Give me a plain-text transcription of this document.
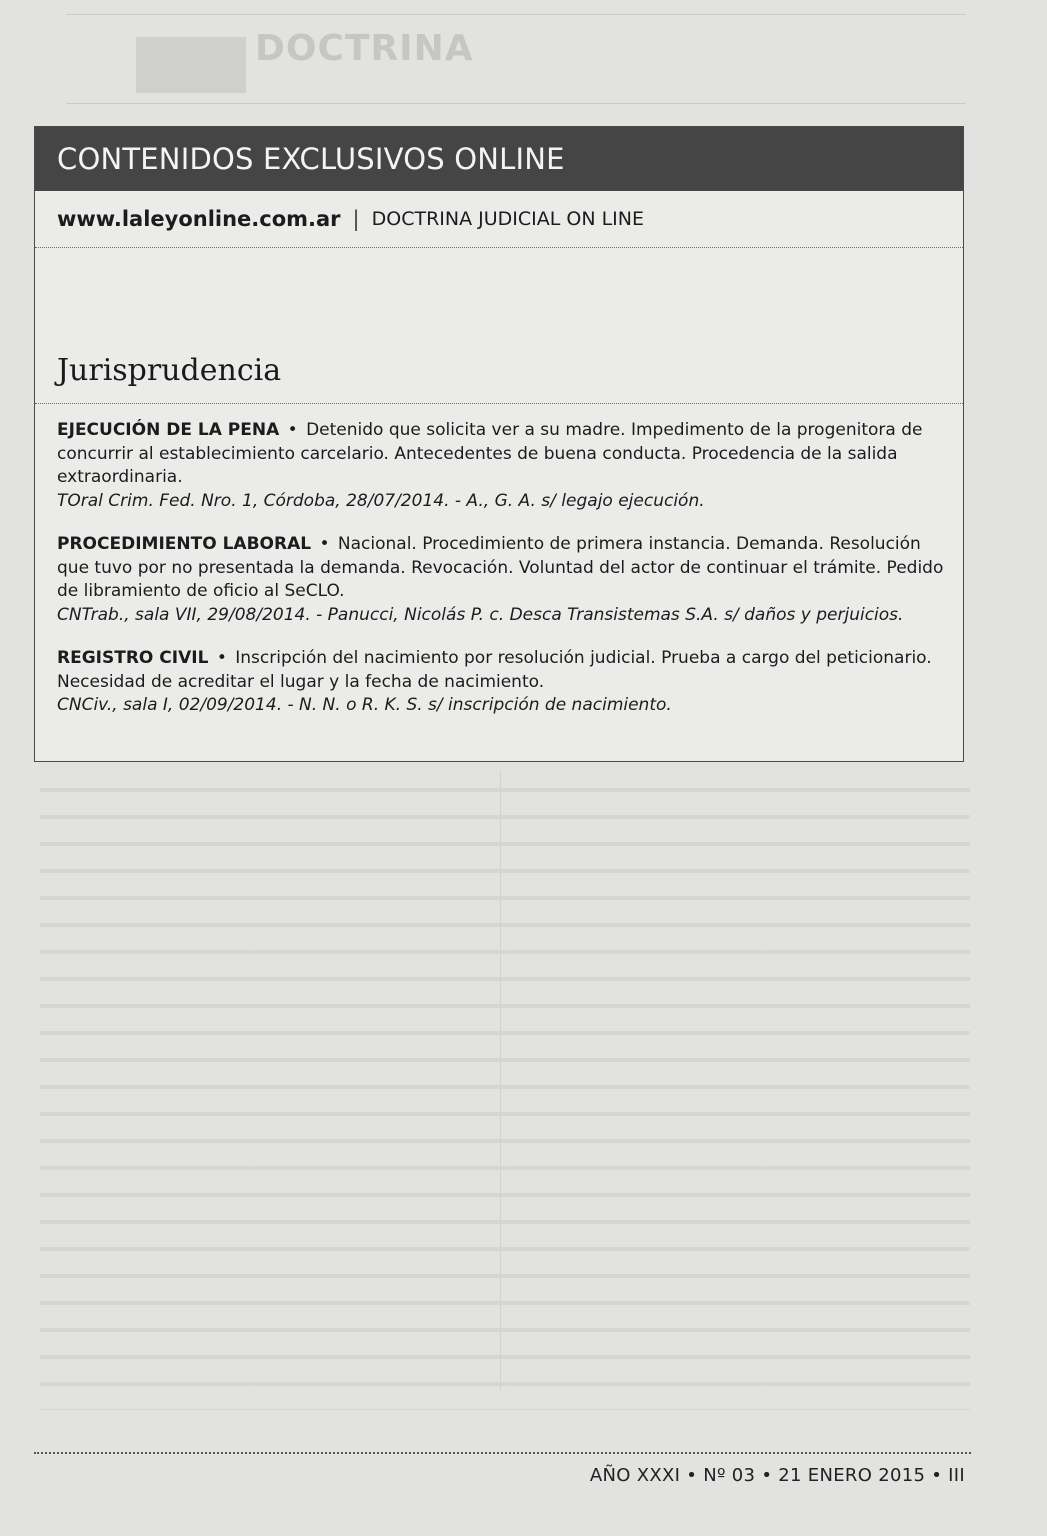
DOCTRINA
CONTENIDOS EXCLUSIVOS ONLINE
www.laleyonline.com.ar | DOCTRINA JUDICIAL ON LINE
Jurisprudencia
EJECUCIÓN DE LA PENA • Detenido que solicita ver a su madre. Impedimento de la progenitora de concurrir al establecimiento carcelario. Antecedentes de buena conducta. Procedencia de la salida extraordinaria.
TOral Crim. Fed. Nro. 1, Córdoba, 28/07/2014. - A., G. A. s/ legajo ejecución.
PROCEDIMIENTO LABORAL • Nacional. Procedimiento de primera instancia. Demanda. Resolución que tuvo por no presentada la demanda. Revocación. Voluntad del actor de continuar el trámite. Pedido de libramiento de oficio al SeCLO.
CNTrab., sala VII, 29/08/2014. - Panucci, Nicolás P. c. Desca Transistemas S.A. s/ daños y perjuicios.
REGISTRO CIVIL • Inscripción del nacimiento por resolución judicial. Prueba a cargo del peticionario. Necesidad de acreditar el lugar y la fecha de nacimiento.
CNCiv., sala I, 02/09/2014. - N. N. o R. K. S. s/ inscripción de nacimiento.
AÑO XXXI • Nº 03 • 21 ENERO 2015 • III
